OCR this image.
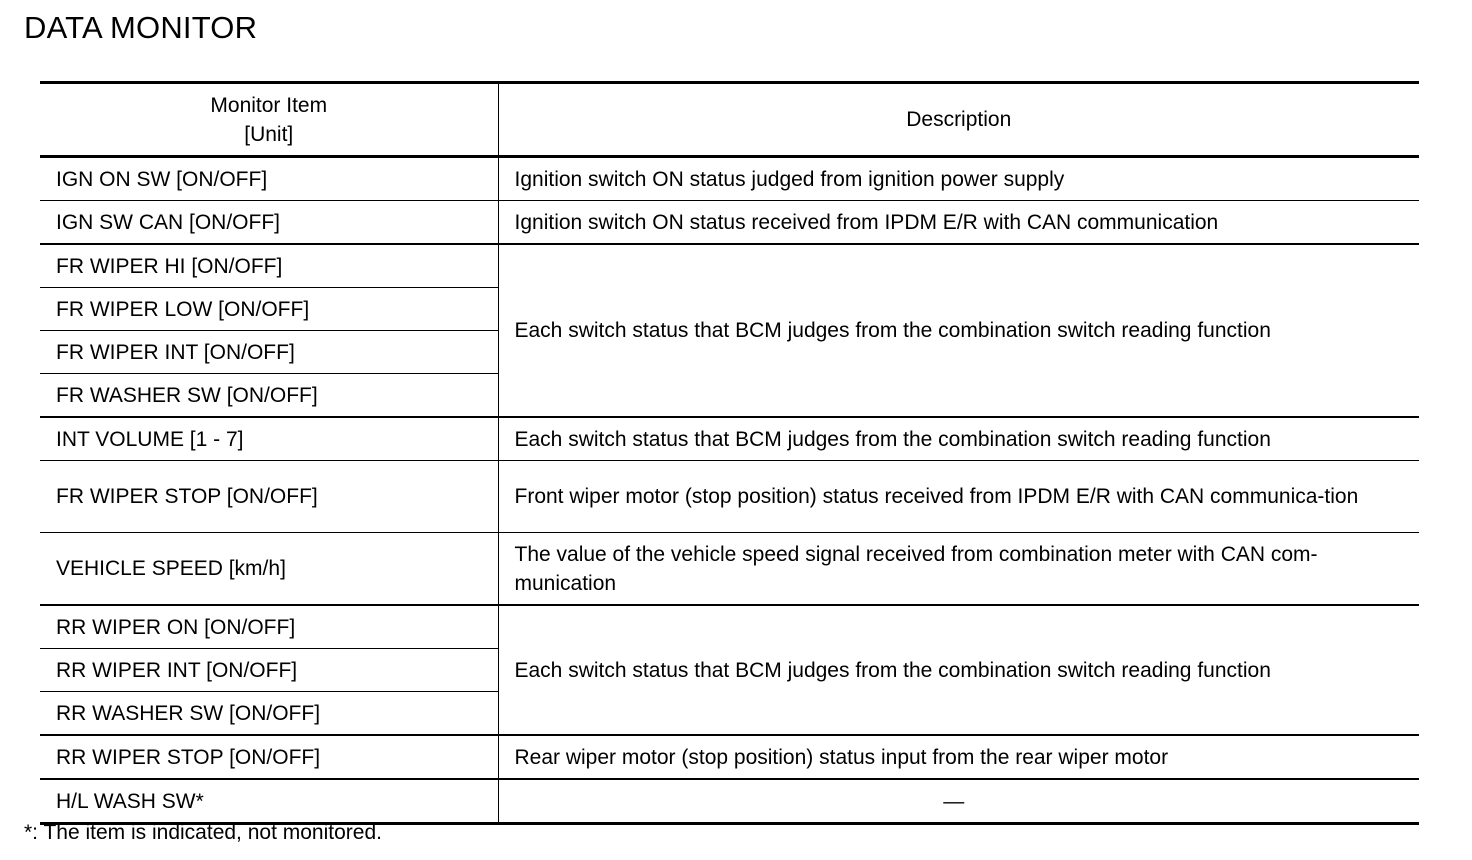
DATA MONITOR
Monitor Item
[Unit]	Description
IGN ON SW [ON/OFF]	Ignition switch ON status judged from ignition power supply
IGN SW CAN [ON/OFF]	Ignition switch ON status received from IPDM E/R with CAN communication
FR WIPER HI [ON/OFF]	Each switch status that BCM judges from the combination switch reading function
FR WIPER LOW [ON/OFF]	
FR WIPER INT [ON/OFF]	
FR WASHER SW [ON/OFF]	
INT VOLUME [1 - 7]	Each switch status that BCM judges from the combination switch reading function
FR WIPER STOP [ON/OFF]	Front wiper motor (stop position) status received from IPDM E/R with CAN communica-tion
VEHICLE SPEED [km/h]	The value of the vehicle speed signal received from combination meter with CAN com-munication
RR WIPER ON [ON/OFF]	Each switch status that BCM judges from the combination switch reading function
RR WIPER INT [ON/OFF]	
RR WASHER SW [ON/OFF]	
RR WIPER STOP [ON/OFF]	Rear wiper motor (stop position) status input from the rear wiper motor
H/L WASH SW*	—
*: The item is indicated, not monitored.
